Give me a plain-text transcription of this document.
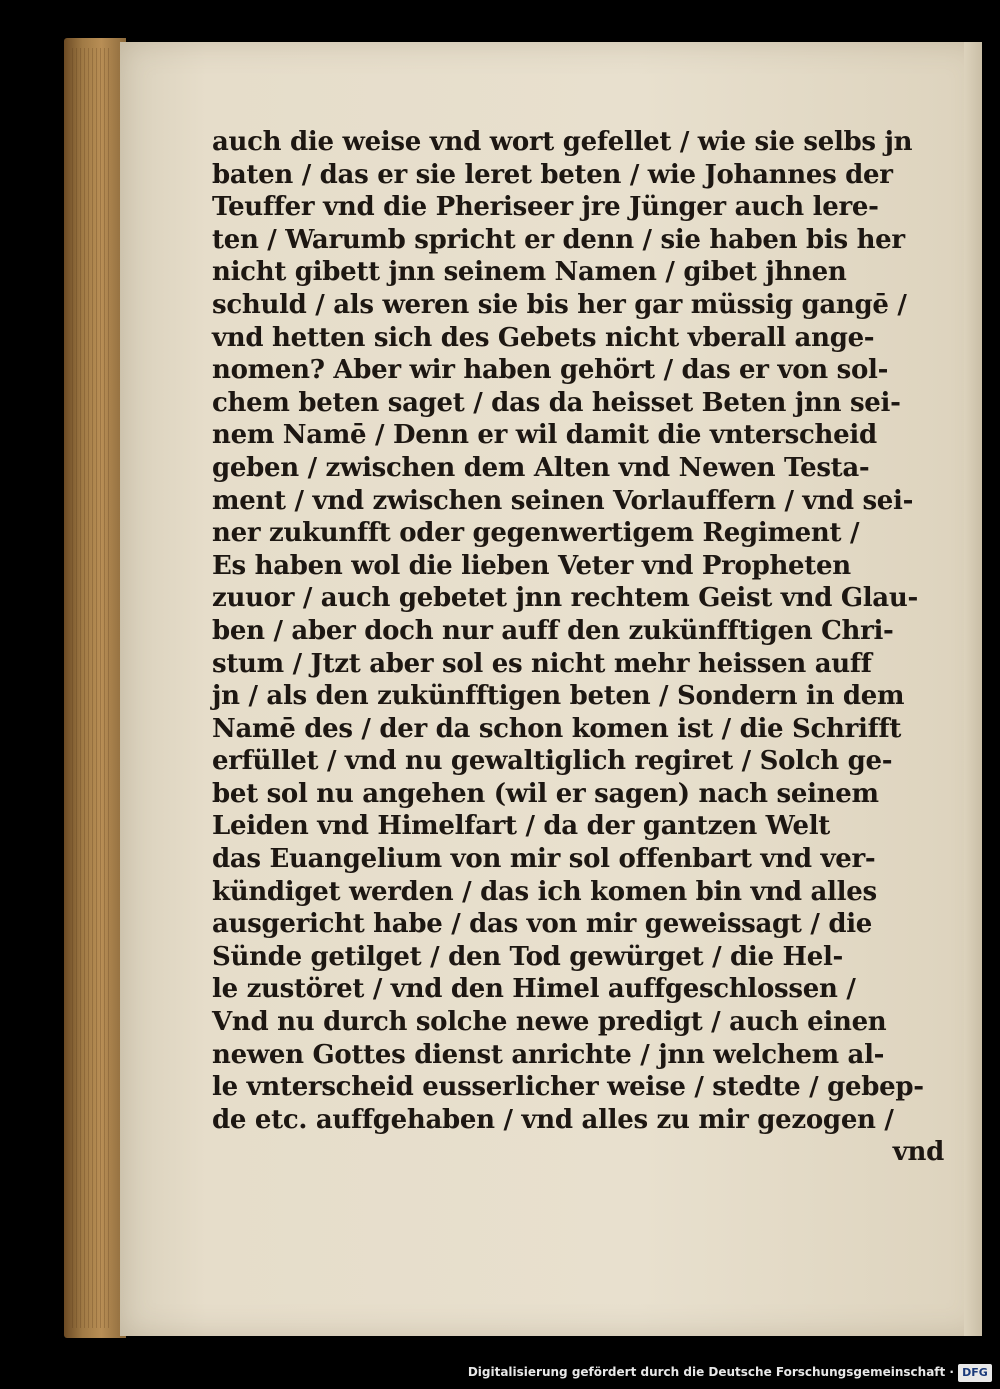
auch die weise vnd wort gefellet / wie sie selbs jn
baten / das er sie leret beten / wie Johannes der
Teuffer vnd die Pheriseer jre Jünger auch lere-
ten / Warumb spricht er denn / sie haben bis her
nicht gibett jnn seinem Namen / gibet jhnen
schuld / als weren sie bis her gar müssig gangē /
vnd hetten sich des Gebets nicht vberall ange-
nomen? Aber wir haben gehört / das er von sol-
chem beten saget / das da heisset Beten jnn sei-
nem Namē / Denn er wil damit die vnterscheid
geben / zwischen dem Alten vnd Newen Testa-
ment / vnd zwischen seinen Vorlauffern / vnd sei-
ner zukunfft oder gegenwertigem Regiment /
Es haben wol die lieben Veter vnd Propheten
zuuor / auch gebetet jnn rechtem Geist vnd Glau-
ben / aber doch nur auff den zukünfftigen Chri-
stum / Jtzt aber sol es nicht mehr heissen auff
jn / als den zukünfftigen beten / Sondern in dem
Namē des / der da schon komen ist / die Schrifft
erfüllet / vnd nu gewaltiglich regiret / Solch ge-
bet sol nu angehen (wil er sagen) nach seinem
Leiden vnd Himelfart / da der gantzen Welt
das Euangelium von mir sol offenbart vnd ver-
kündiget werden / das ich komen bin vnd alles
ausgericht habe / das von mir geweissagt / die
Sünde getilget / den Tod gewürget / die Hel-
le zustöret / vnd den Himel auffgeschlossen /
Vnd nu durch solche newe predigt / auch einen
newen Gottes dienst anrichte / jnn welchem al-
le vnterscheid eusserlicher weise / stedte / gebер-
de etc. auffgehaben / vnd alles zu mir gezogen /
vnd
Digitalisierung gefördert durch die Deutsche Forschungsgemeinschaft · DFG
